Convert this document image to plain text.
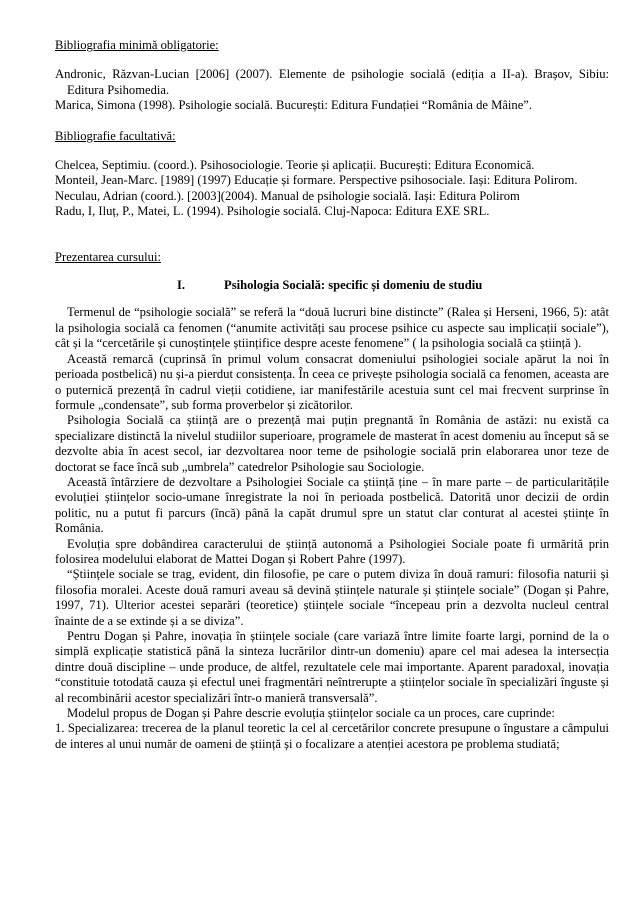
Bibliografia minimă obligatorie:

Andronic, Răzvan-Lucian [2006] (2007). Elemente de psihologie socială (ediția a II-a). Brașov, Sibiu: Editura Psihomedia.

Marica, Simona (1998). Psihologie socială. București: Editura Fundației “România de Mâine”.

Bibliografie facultativă:

Chelcea, Septimiu. (coord.). Psihosociologie. Teorie și aplicații. București: Editura Economică.

Monteil, Jean-Marc. [1989] (1997) Educație și formare. Perspective psihosociale. Iași: Editura Polirom.

Neculau, Adrian (coord.). [2003](2004). Manual de psihologie socială. Iași: Editura Polirom

Radu, I, Iluț, P., Matei, L. (1994). Psihologie socială. Cluj-Napoca: Editura EXE SRL.

Prezentarea cursului:

I.	Psihologia Socială: specific și domeniu de studiu

Termenul de “psihologie socială” se referă la “două lucruri bine distincte” (Ralea și Herseni, 1966, 5): atât la psihologia socială ca fenomen (“anumite activități sau procese psihice cu aspecte sau implicații sociale”), cât și la “cercetările și cunoștințele științifice despre aceste fenomene” ( la psihologia socială ca știință ).

Această remarcă (cuprinsă în primul volum consacrat domeniului psihologiei sociale apărut la noi în perioada postbelică) nu și-a pierdut consistența. În ceea ce privește psihologia socială ca fenomen, aceasta are o puternică prezență în cadrul vieții cotidiene, iar manifestările acestuia sunt cel mai frecvent surprinse în formule „condensate”, sub forma proverbelor și zicătorilor.

Psihologia Socială ca știință are o prezență mai puțin pregnantă în România de astăzi: nu există ca specializare distinctă la nivelul studiilor superioare, programele de masterat în acest domeniu au început să se dezvolte abia în acest secol, iar dezvoltarea noor teme de psihologie socială prin elaborarea unor teze de doctorat se face încă sub „umbrela” catedrelor Psihologie sau Sociologie.

Această întârziere de dezvoltare a Psihologiei Sociale ca știință ține – în mare parte – de particularitățile evoluției științelor socio-umane înregistrate la noi în perioada postbelică. Datorită unor decizii de ordin politic, nu a putut fi parcurs (încă) până la capăt drumul spre un statut clar conturat al acestei științe în România.

Evoluția spre dobândirea caracterului de știință autonomă a Psihologiei Sociale poate fi urmărită prin folosirea modelului elaborat de Mattei Dogan și Robert Pahre (1997).

“Științele sociale se trag, evident, din filosofie, pe care o putem diviza în două ramuri: filosofia naturii și filosofia moralei. Aceste două ramuri aveau să devină științele naturale și științele sociale” (Dogan și Pahre, 1997, 71). Ulterior acestei separări (teoretice) științele sociale “începeau prin a dezvolta nucleul central înainte de a se extinde și a se diviza”.

Pentru Dogan și Pahre, inovația în științele sociale (care variază între limite foarte largi, pornind de la o simplă explicație statistică până la sinteza lucrărilor dintr-un domeniu) apare cel mai adesea la intersecția dintre două discipline – unde produce, de altfel, rezultatele cele mai importante. Aparent paradoxal, inovația “constituie totodată cauza și efectul unei fragmentări neîntrerupte a științelor sociale în specializări înguste și al recombinării acestor specializări într-o manieră transversală”.

Modelul propus de Dogan și Pahre descrie evoluția științelor sociale ca un proces, care cuprinde:

1. Specializarea: trecerea de la planul teoretic la cel al cercetărilor concrete presupune o îngustare a câmpului de interes al unui număr de oameni de știință și o focalizare a atenției acestora pe problema studiată;
